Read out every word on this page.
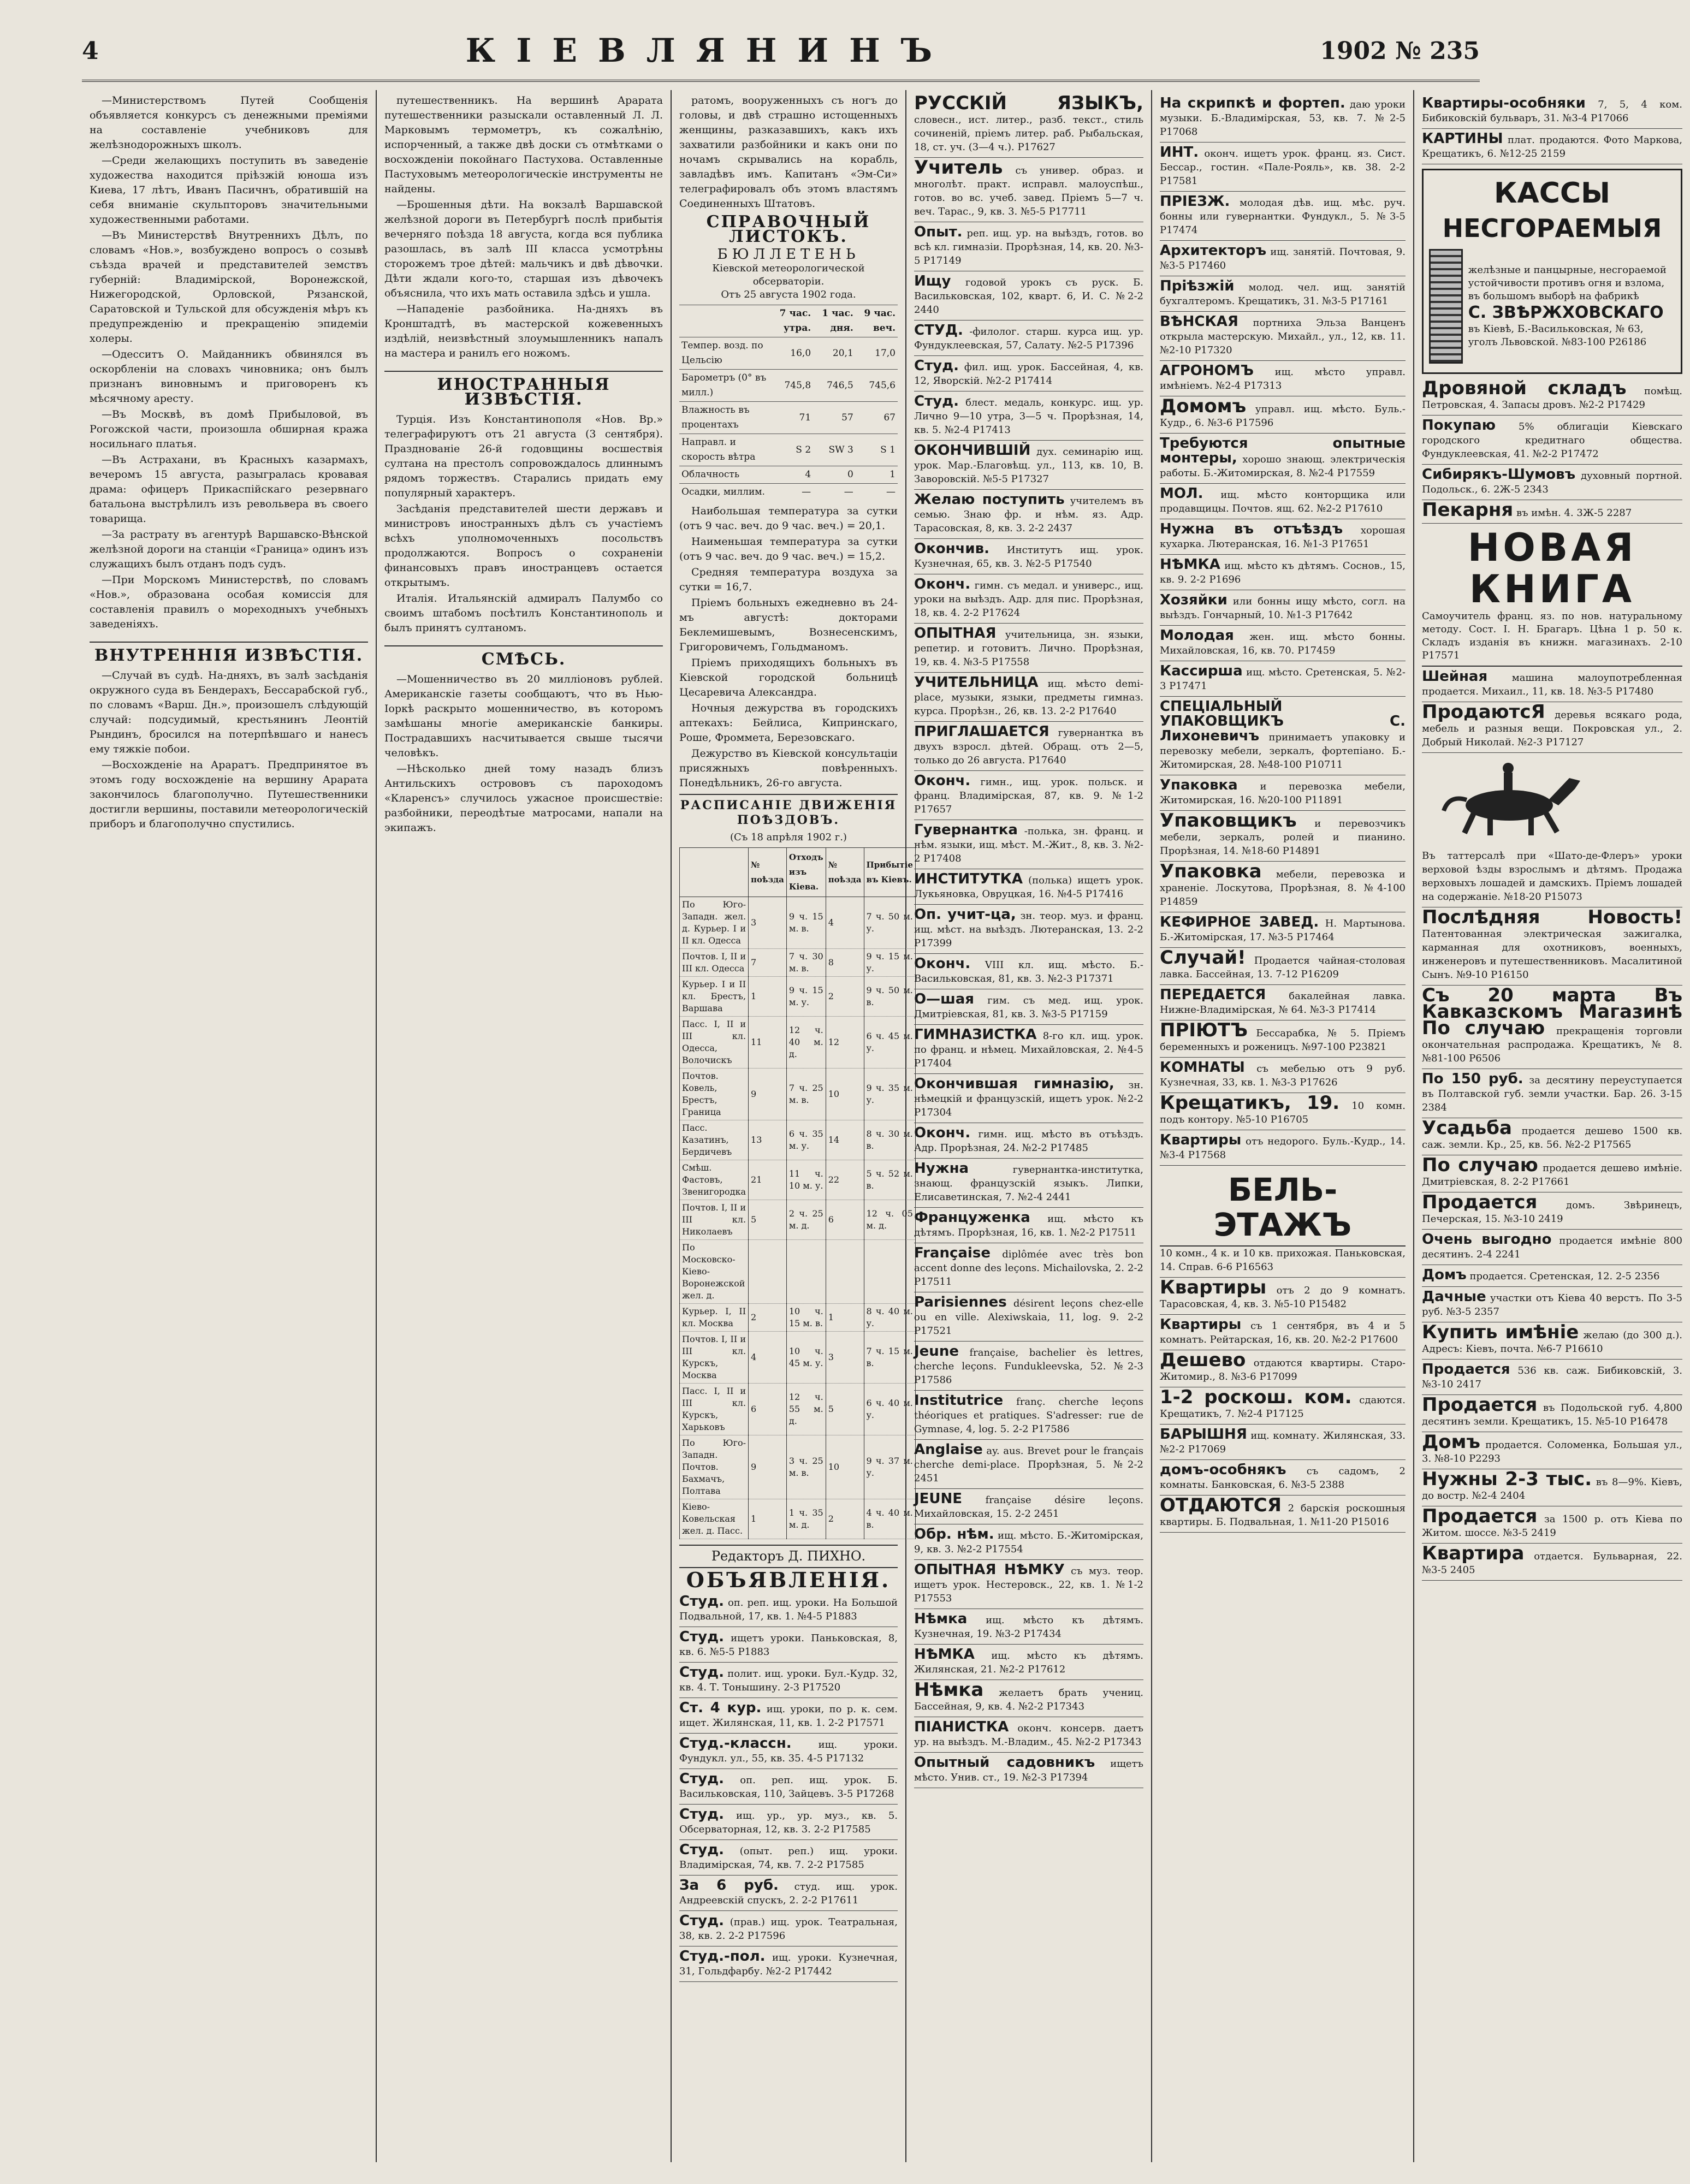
4	КІЕВЛЯНИНЪ	1902 № 235

—Министерствомъ Путей Сообщенія объявляется конкурсъ съ денежными преміями на составленіе учебниковъ для желѣзнодорожныхъ школъ.

—Среди желающихъ поступить въ заведеніе художества находится пріѣзжій юноша изъ Киева, 17 лѣтъ, Иванъ Пасичнъ, обратившій на себя вниманіе скульпторовъ значительными художественными работами.

—Въ Министерствѣ Внутреннихъ Дѣлъ, по словамъ «Нов.», возбуждено вопросъ о созывѣ съѣзда врачей и представителей земствъ губерній: Владимірской, Воронежской, Нижегородской, Орловской, Рязанской, Саратовской и Тульской для обсужденія мѣръ къ предупрежденію и прекращенію эпидеміи холеры.

—Одесситъ О. Майданникъ обвинялся въ оскорбленіи на словахъ чиновника; онъ былъ признанъ виновнымъ и приговоренъ къ мѣсячному аресту.

—Въ Москвѣ, въ домѣ Прибыловой, въ Рогожской части, произошла обширная кража носильнаго платья.

—Въ Астрахани, въ Красныхъ казармахъ, вечеромъ 15 августа, разыгралась кровавая драма: офицеръ Прикаспійскаго резервнаго батальона выстрѣлилъ изъ револьвера въ своего товарища.

—За растрату въ агентурѣ Варшавско-Вѣнской желѣзной дороги на станціи «Граница» одинъ изъ служащихъ былъ отданъ подъ судъ.

—При Морскомъ Министерствѣ, по словамъ «Нов.», образована особая комиссія для составленія правилъ о мореходныхъ учебныхъ заведеніяхъ.

ВНУТРЕННІЯ ИЗВѢСТІЯ.

—Случай въ судѣ. На-дняхъ, въ залѣ засѣданія окружного суда въ Бендерахъ, Бессарабской губ., по словамъ «Варш. Дн.», произошелъ слѣдующій случай: подсудимый, крестьянинъ Леонтій Рындинъ, бросился на потерпѣвшаго и нанесъ ему тяжкіе побои.

—Восхожденіе на Араратъ. Предпринятое въ этомъ году восхожденіе на вершину Арарата закончилось благополучно. Путешественники достигли вершины, поставили метеорологическій приборъ и благополучно спустились.

путешественникъ. На вершинѣ Арарата путешественники разыскали оставленный Л. Л. Марковымъ термометръ, къ сожалѣнію, испорченный, а также двѣ доски съ отмѣтками о восхожденіи покойнаго Пастухова. Оставленные Пастуховымъ метеорологическіе инструменты не найдены.

—Брошенныя дѣти. На вокзалѣ Варшавской желѣзной дороги въ Петербургѣ послѣ прибытія вечерняго поѣзда 18 августа, когда вся публика разошлась, въ залѣ III класса усмотрѣны сторожемъ трое дѣтей: мальчикъ и двѣ дѣвочки. Дѣти ждали кого-то, старшая изъ дѣвочекъ объяснила, что ихъ мать оставила здѣсь и ушла.

—Нападеніе разбойника. На-дняхъ въ Кронштадтѣ, въ мастерской кожевенныхъ издѣлій, неизвѣстный злоумышленникъ напалъ на мастера и ранилъ его ножомъ.

ИНОСТРАННЫЯ ИЗВѢСТІЯ.

Турція. Изъ Константинополя «Нов. Вр.» телеграфируютъ отъ 21 августа (3 сентября). Празднованіе 26-й годовщины восшествія султана на престолъ сопровождалось длиннымъ рядомъ торжествъ. Старались придать ему популярный характеръ.

Засѣданія представителей шести державъ и министровъ иностранныхъ дѣлъ съ участіемъ всѣхъ уполномоченныхъ посольствъ продолжаются. Вопросъ о сохраненіи финансовыхъ правъ иностранцевъ остается открытымъ.

Италія. Итальянскій адмиралъ Палумбо со своимъ штабомъ посѣтилъ Константинополь и былъ принятъ султаномъ.

СМѢСЬ.

—Мошенничество въ 20 милліоновъ рублей. Американскіе газеты сообщаютъ, что въ Нью-Іоркѣ раскрыто мошенничество, въ которомъ замѣшаны многіе американскіе банкиры. Пострадавшихъ насчитывается свыше тысячи человѣкъ.

—Нѣсколько дней тому назадъ близъ Антильскихъ острововъ съ пароходомъ «Кларенсъ» случилось ужасное происшествіе: разбойники, переодѣтые матросами, напали на экипажъ.

ратомъ, вооруженныхъ съ ногъ до головы, и двѣ страшно истощенныхъ женщины, разказавшихъ, какъ ихъ захватили разбойники и какъ они по ночамъ скрывались на корабль, завладѣвъ имъ. Капитанъ «Эм-Си» телеграфировалъ объ этомъ властямъ Соединенныхъ Штатовъ.

СПРАВОЧНЫЙ ЛИСТОКЪ.
БЮЛЛЕТЕНЬ
Кіевской метеорологической обсерваторіи.
Отъ 25 августа 1902 года.
	7 час. утра.	1 час. дня.	9 час. веч.
Темпер. возд. по Цельсію	16,0	20,1	17,0
Барометръ (0° въ милл.)	745,8	746,5	745,6
Влажность въ процентахъ	71	57	67
Направл. и скорость вѣтра	S 2	SW 3	S 1
Облачность	4	0	1
Осадки, миллим.	—	—	—

Наибольшая температура за сутки (отъ 9 час. веч. до 9 час. веч.) = 20,1.

Наименьшая температура за сутки (отъ 9 час. веч. до 9 час. веч.) = 15,2.

Средняя температура воздуха за сутки = 16,7.

Пріемъ больныхъ ежедневно въ 24-мъ августѣ: докторами Беклемишевымъ, Вознесенскимъ, Григоровичемъ, Гольдманомъ.

Пріемъ приходящихъ больныхъ въ Кіевской городской больницѣ Цесаревича Александра.

Ночныя дежурства въ городскихъ аптекахъ: Бейлиса, Кипринскаго, Роше, Фроммета, Березовскаго.

Дежурство въ Кіевской консультаціи присяжныхъ повѣренныхъ. Понедѣльникъ, 26-го августа.

РАСПИСАНІЕ ДВИЖЕНІЯ ПОѢЗДОВЪ.
(Съ 18 апрѣля 1902 г.)
	№ поѣзда	Отходъ изъ Кіева.	№ поѣзда	Прибытіе въ Кіевъ.
По Юго-Западн. жел. д. Курьер. I и II кл. Одесса	3	9 ч. 15 м. в.	4	7 ч. 50 м. у.
Почтов. I, II и III кл. Одесса	7	7 ч. 30 м. в.	8	9 ч. 15 м. у.
Курьер. I и II кл. Брестъ, Варшава	1	9 ч. 15 м. у.	2	9 ч. 50 м. в.
Пасс. I, II и III кл. Одесса, Волочискъ	11	12 ч. 40 м. д.	12	6 ч. 45 м. у.
Почтов. Ковель, Брестъ, Граница	9	7 ч. 25 м. в.	10	9 ч. 35 м. у.
Пасс. Казатинъ, Бердичевъ	13	6 ч. 35 м. у.	14	8 ч. 30 м. в.
Смѣш. Фастовъ, Звенигородка	21	11 ч. 10 м. у.	22	5 ч. 52 м. в.
Почтов. I, II и III кл. Николаевъ	5	2 ч. 25 м. д.	6	12 ч. 05 м. д.
По Московско-Кіево-Воронежской жел. д.				
Курьер. I, II кл. Москва	2	10 ч. 15 м. в.	1	8 ч. 40 м. у.
Почтов. I, II и III кл. Курскъ, Москва	4	10 ч. 45 м. у.	3	7 ч. 15 м. в.
Пасс. I, II и III кл. Курскъ, Харьковъ	6	12 ч. 55 м. д.	5	6 ч. 40 м. у.
По Юго-Западн. Почтов. Бахмачъ, Полтава	9	3 ч. 25 м. в.	10	9 ч. 37 м. у.
Кіево-Ковельская жел. д. Пасс.	1	1 ч. 35 м. д.	2	4 ч. 40 м. в.
Редакторъ Д. ПИХНО.
ОБЪЯВЛЕНІЯ.
Студ. оп. реп. ищ. уроки. На Большой Подвальной, 17, кв. 1. №4-5 P1883
Студ. ищетъ уроки. Паньковская, 8, кв. 6. №5-5 P1883
Студ. полит. ищ. уроки. Бул.-Кудр. 32, кв. 4. Т. Тонышину. 2-3 P17520
Ст. 4 кур. ищ. уроки, по р. к. сем. ищет. Жилянская, 11, кв. 1. 2-2 P17571
Студ.-классн.	ищ. уроки. Фундукл. ул., 55, кв. 35. 4-5 P17132
Студ. оп. реп. ищ. урок. Б. Васильковская, 110, Зайцевъ. 3-5 P17268
Студ. ищ. ур., ур. муз., кв. 5. Обсерваторная, 12, кв. 3. 2-2 P17585
Студ. (опыт. реп.) ищ. уроки. Владимірская, 74, кв. 7. 2-2 P17585
За 6 руб. студ. ищ. урок. Андреевскій спускъ, 2. 2-2 P17611
Студ. (прав.) ищ. урок. Театральная, 38, кв. 2. 2-2 P17596
Студ.-пол. ищ. уроки. Кузнечная, 31, Гольдфарбу. №2-2 P17442
РУССКІЙ ЯЗЫКЪ, словесн., ист. литер., разб. текст., стиль сочиненій, пріемъ литер. раб. Рыбальская, 18, ст. уч. (3—4 ч.). P17627
Учитель съ универ. образ. и многолѣт. практ. исправл. малоуспѣш., готов. во вс. учеб. завед. Пріемъ 5—7 ч. веч. Тарас., 9, кв. 3. №5-5 P17711
Опыт. реп. ищ. ур. на выѣздъ, готов. во всѣ кл. гимназіи. Прорѣзная, 14, кв. 20. №3-5 P17149
Ищу годовой урокъ съ руск. Б. Васильковская, 102, кварт. 6, И. С. №2-2 2440
СТУД. -филолог. старш. курса ищ. ур. Фундуклеевская, 57, Салату. №2-5 P17396
Студ. фил. ищ. урок. Бассейная, 4, кв. 12, Яворскій. №2-2 P17414
Студ. блест. медаль, конкурс. ищ. ур. Лично 9—10 утра, 3—5 ч. Прорѣзная, 14, кв. 5. №2-4 P17413
ОКОНЧИВШІЙ дух. семинарію ищ. урок. Мар.-Благовѣщ. ул., 113, кв. 10, В. Заворовскій. №5-5 P17327
Желаю поступить учителемъ въ семью. Знаю фр. и нѣм. яз. Адр. Тарасовская, 8, кв. 3. 2-2 2437
Окончив. Институтъ ищ. урок. Кузнечная, 65, кв. 3. №2-5 P17540
Оконч. гимн. съ медал. и универс., ищ. уроки на выѣздъ. Адр. для пис. Прорѣзная, 18, кв. 4. 2-2 P17624
ОПЫТНАЯ учительница, зн. языки, репетир. и готовитъ. Лично. Прорѣзная, 19, кв. 4. №3-5 P17558
УЧИТЕЛЬНИЦА ищ. мѣсто demi-place, музыки, языки, предметы гимназ. курса. Прорѣзн., 26, кв. 13. 2-2 P17640
ПРИГЛАШАЕТСЯ гувернантка въ двухъ взросл. дѣтей. Обращ. отъ 2—5, только до 26 августа. P17640
Оконч. гимн., ищ. урок. польск. и франц. Владимірская, 87, кв. 9. №1-2 P17657
Гувернантка -полька, зн. франц. и нѣм. языки, ищ. мѣст. М.-Жит., 8, кв. 3. №2-2 P17408
ИНСТИТУТКА (полька) ищетъ урок. Лукьяновка, Овруцкая, 16. №4-5 P17416
Оп. учит-ца, зн. теор. муз. и франц. ищ. мѣст. на выѣздъ. Лютеранская, 13. 2-2 P17399
Оконч. VIII кл. ищ. мѣсто. Б.-Васильковская, 81, кв. 3. №2-3 P17371
О—шая гим. съ мед. ищ. урок. Дмитріевская, 81, кв. 3. №3-5 P17159
ГИМНАЗИСТКА 8-го кл. ищ. урок. по франц. и нѣмец. Михайловская, 2. №4-5 P17404
Окончившая гимназію, зн. нѣмецкій и французскій, ищетъ урок. №2-2 P17304
Оконч. гимн. ищ. мѣсто въ отъѣздъ. Адр. Прорѣзная, 24. №2-2 P17485
Нужна	гувернантка-институтка, знающ. французскій языкъ. Липки, Елисаветинская, 7. №2-4 2441
Француженка ищ. мѣсто къ дѣтямъ. Прорѣзная, 16, кв. 1. №2-2 P17511
Française diplômée avec très bon accent donne des leçons. Michailovska, 2. 2-2 P17511
Parisiennes désirent leçons chez-elle ou en ville. Alexiwskaia, 11, log. 9. 2-2 P17521
Jeune française, bachelier ès lettres, cherche leçons. Fundukleevska, 52. №2-3 P17586
Institutrice franç. cherche leçons théoriques et pratiques. S'adresser: rue de Gymnase, 4, log. 5. 2-2 P17586
Anglaise ay. aus. Brevet pour le français cherche demi-place. Прорѣзная, 5. №2-2 2451
JEUNE française désire leçons. Михайловская, 15. 2-2 2451
Обр. нѣм. ищ. мѣсто. Б.-Житомірская, 9, кв. 3. №2-2 P17554
ОПЫТНАЯ НѢМКУ съ муз. теор. ищетъ урок. Нестеровск., 22, кв. 1. №1-2 P17553
Нѣмка ищ. мѣсто къ дѣтямъ. Кузнечная, 19. №3-2 P17434
НѢМКА ищ. мѣсто къ дѣтямъ. Жилянская, 21. №2-2 P17612
Нѣмка желаетъ брать учениц. Бассейная, 9, кв. 4. №2-2 P17343
ПІАНИСТКА оконч. консерв. даетъ ур. на выѣздъ. М.-Владим., 45. №2-2 P17343
Опытный садовникъ ищетъ мѣсто. Унив. ст., 19. №2-3 P17394
На скрипкѣ и фортеп. даю уроки музыки. Б.-Владимірская, 53, кв. 7. №2-5 P17068
ИНТ. оконч. ищетъ урок. франц. яз. Сист. Бессар., гостин. «Пале-Рояль», кв. 38. 2-2 P17581
ПРІЕЗЖ. молодая дѣв. ищ. мѣс. руч. бонны или гувернантки. Фундукл., 5. №3-5 P17474
Архитекторъ ищ. занятій. Почтовая, 9. №3-5 P17460
Пріѣзжій молод. чел. ищ. занятій бухгалтеромъ. Крещатикъ, 31. №3-5 P17161
ВѢНСКАЯ портниха Эльза Ванценъ открыла мастерскую. Михайл., ул., 12, кв. 11. №2-10 P17320
АГРОНОМЪ ищ. мѣсто управл. имѣніемъ. №2-4 P17313
Домомъ управл. ищ. мѣсто. Буль.-Кудр., 6. №3-6 P17596
Требуются опытные монтеры, хорошо знающ. электрическія работы. Б.-Житомирская, 8. №2-4 P17559
МОЛ. ищ. мѣсто конторщика или продавщицы. Почтов. ящ. 62. №2-2 P17610
Нужна въ отъѣздъ хорошая кухарка. Лютеранская, 16. №1-3 P17651
НѢМКА ищ. мѣсто къ дѣтямъ. Соснов., 15, кв. 9. 2-2 P1696
Хозяйки или бонны ищу мѣсто, согл. на выѣздъ. Гончарный, 10. №1-3 P17642
Молодая жен. ищ. мѣсто бонны. Михайловская, 16, кв. 70. P17459
Кассирша ищ. мѣсто. Сретенская, 5. №2-3 P17471
СПЕЦІАЛЬНЫЙ УПАКОВЩИКЪ С. Лихоневичъ принимаетъ упаковку и перевозку мебели, зеркалъ, фортепіано. Б.-Житомирская, 28. №48-100 P10711
Упаковка и перевозка мебели, Житомирская, 16. №20-100 P11891
Упаковщикъ и перевозчикъ мебели, зеркалъ, ролей и пианино. Прорѣзная, 14. №18-60 P14891
Упаковка мебели, перевозка и храненіе. Лоскутова, Прорѣзная, 8. №4-100 P14859
КЕФИРНОЕ ЗАВЕД. Н. Мартынова. Б.-Житомірская, 17. №3-5 P17464
Случай! Продается чайная-столовая лавка. Бассейная, 13. 7-12 P16209
ПЕРЕДАЕТСЯ бакалейная лавка. Нижне-Владимірская, № 64. №3-3 P17414
ПРІЮТЪ Бессарабка, № 5. Пріемъ беременныхъ и роженицъ. №97-100 P23821
КОМНАТЫ съ мебелью отъ 9 руб. Кузнечная, 33, кв. 1. №3-3 P17626
Крещатикъ, 19. 10 комн. подъ контору. №5-10 P16705
Квартиры отъ недорого. Буль.-Кудр., 14. №3-4 P17568
БЕЛЬ-ЭТАЖЪ
10 комн., 4 к. и 10 кв. прихожая. Паньковская, 14. Справ. 6-6 P16563
Квартиры отъ 2 до 9 комнатъ. Тарасовская, 4, кв. 3. №5-10 P15482
Квартиры съ 1 сентября, въ 4 и 5 комнатъ. Рейтарская, 16, кв. 20. №2-2 P17600
Дешево отдаются квартиры. Старо-Житомир., 8. №3-6 P17099
1-2 роскош. ком. сдаются. Крещатикъ, 7. №2-4 P17125
БАРЫШНЯ ищ. комнату. Жилянская, 33. №2-2 P17069
домъ-особнякъ съ садомъ, 2 комнаты. Банковская, 6. №3-5 2388
ОТДАЮТСЯ 2 барскія роскошныя квартиры. Б. Подвальная, 1. №11-20 P15016
Квартиры-особняки 7, 5, 4 ком. Бибиковскій бульваръ, 31. №3-4 P17066
КАРТИНЫ плат. продаются. Фото Маркова, Крещатикъ, 6. №12-25 2159
КАССЫ
НЕСГОРАЕМЫЯ
желѣзные и панцырные, несгораемой устойчивости противъ огня и взлома, въ большомъ выборѣ на фабрикѣ
С. ЗВѢРЖХОВСКАГО
въ Кіевѣ, Б.-Васильковская, № 63, уголъ Львовской. №83-100 P26186
Дровяной складъ помѣщ. Петровская, 4. Запасы дровъ. №2-2 P17429
Покупаю 5% облигаціи Кіевскаго городского кредитнаго общества. Фундуклеевская, 41. №2-2 P17472
Сибирякъ-Шумовъ духовный портной. Подольск., 6. 2Ж-5 2343
Пекарня въ имѣн. 4. 3Ж-5 2287
НОВАЯ
КНИГА
Самоучитель франц. яз. по нов. натуральному методу. Сост. I. Н. Брагаръ. Цѣна 1 р. 50 к. Складъ изданія въ книжн. магазинахъ. 2-10 P17571
Шейная машина малоупотребленная продается. Михаил., 11, кв. 18. №3-5 P17480
ПродаютсЯ деревья всякаго рода, мебель и разныя вещи. Покровская ул., 2. Добрый Николай. №2-3 P17127
Въ таттерсалѣ при «Шато-де-Флеръ» уроки верховой ѣзды взрослымъ и дѣтямъ. Продажа верховыхъ лошадей и дамскихъ. Пріемъ лошадей на содержаніе. №18-20 P15073
Послѣдняя Новость! Патентованная электрическая зажигалка, карманная для охотниковъ, военныхъ, инженеровъ и путешественниковъ. Масалитиной Сынъ. №9-10 P16150
Съ 20 марта Въ Кавказскомъ Магазинѣ По случаю прекращенія торговли окончательная распродажа. Крещатикъ, № 8. №81-100 P6506
По 150 руб. за десятину переуступается въ Полтавской губ. земли участки. Бар. 26. 3-15 2384
Усадьба продается дешево 1500 кв. саж. земли. Кр., 25, кв. 56. №2-2 P17565
По случаю продается дешево имѣніе. Дмитріевская, 8. 2-2 P17661
Продается	домъ. Звѣринецъ, Печерская, 15. №3-10 2419
Очень выгодно продается имѣніе 800 десятинъ. 2-4 2241
Домъ продается. Сретенская, 12. 2-5 2356
Дачные участки отъ Кіева 40 верстъ. По 3-5 руб. №3-5 2357
Купить имѣніе желаю (до 300 д.). Адресъ: Кіевъ, почта. №6-7 P16610
Продается 536 кв. саж. Бибиковскій, 3. №3-10 2417
Продается въ Подольской губ. 4,800 десятинъ земли. Крещатикъ, 15. №5-10 P16478
Домъ продается. Соломенка, Большая ул., 3. №8-10 P2293
Нужны 2-3 тыс. въ 8—9%. Кіевъ, до востр. №2-4 2404
Продается за 1500 р. отъ Кіева по Житом. шоссе. №3-5 2419
Квартира отдается. Бульварная, 22. №3-5 2405
